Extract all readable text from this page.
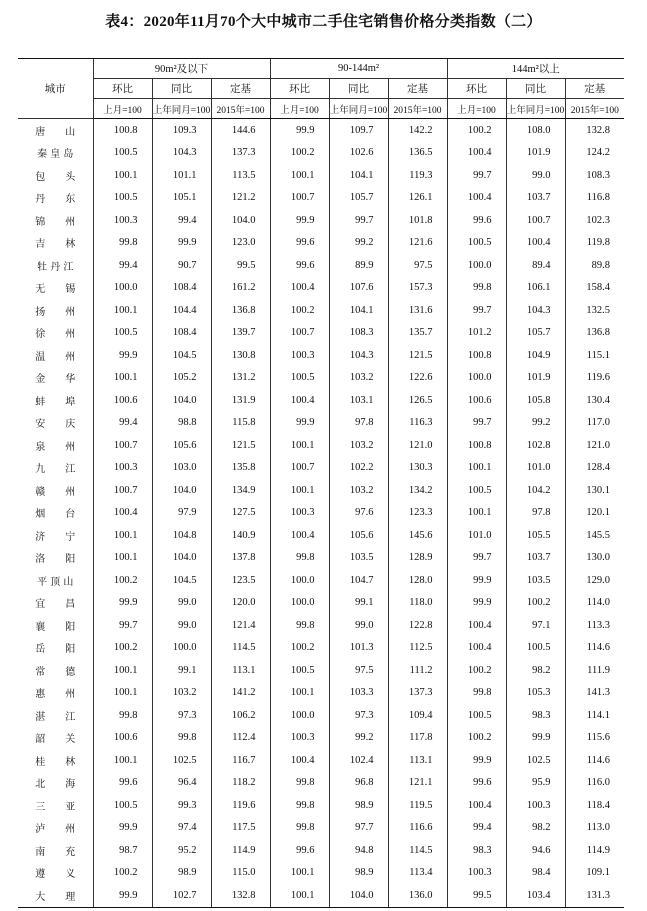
表4：2020年11月70个大中城市二手住宅销售价格分类指数（二）
城市	90m²及以下			90-144m²			144m²以上		
	环比	同比	定基	环比	同比	定基	环比	同比	定基
	上月=100	上年同月=100	2015年=100	上月=100	上年同月=100	2015年=100	上月=100	上年同月=100	2015年=100
唐　　山	100.8	109.3	144.6	99.9	109.7	142.2	100.2	108.0	132.8
秦 皇 岛	100.5	104.3	137.3	100.2	102.6	136.5	100.4	101.9	124.2
包　　头	100.1	101.1	113.5	100.1	104.1	119.3	99.7	99.0	108.3
丹　　东	100.5	105.1	121.2	100.7	105.7	126.1	100.4	103.7	116.8
锦　　州	100.3	99.4	104.0	99.9	99.7	101.8	99.6	100.7	102.3
吉　　林	99.8	99.9	123.0	99.6	99.2	121.6	100.5	100.4	119.8
牡 丹 江	99.4	90.7	99.5	99.6	89.9	97.5	100.0	89.4	89.8
无　　锡	100.0	108.4	161.2	100.4	107.6	157.3	99.8	106.1	158.4
扬　　州	100.1	104.4	136.8	100.2	104.1	131.6	99.7	104.3	132.5
徐　　州	100.5	108.4	139.7	100.7	108.3	135.7	101.2	105.7	136.8
温　　州	99.9	104.5	130.8	100.3	104.3	121.5	100.8	104.9	115.1
金　　华	100.1	105.2	131.2	100.5	103.2	122.6	100.0	101.9	119.6
蚌　　埠	100.6	104.0	131.9	100.4	103.1	126.5	100.6	105.8	130.4
安　　庆	99.4	98.8	115.8	99.9	97.8	116.3	99.7	99.2	117.0
泉　　州	100.7	105.6	121.5	100.1	103.2	121.0	100.8	102.8	121.0
九　　江	100.3	103.0	135.8	100.7	102.2	130.3	100.1	101.0	128.4
赣　　州	100.7	104.0	134.9	100.1	103.2	134.2	100.5	104.2	130.1
烟　　台	100.4	97.9	127.5	100.3	97.6	123.3	100.1	97.8	120.1
济　　宁	100.1	104.8	140.9	100.4	105.6	145.6	101.0	105.5	145.5
洛　　阳	100.1	104.0	137.8	99.8	103.5	128.9	99.7	103.7	130.0
平 顶 山	100.2	104.5	123.5	100.0	104.7	128.0	99.9	103.5	129.0
宜　　昌	99.9	99.0	120.0	100.0	99.1	118.0	99.9	100.2	114.0
襄　　阳	99.7	99.0	121.4	99.8	99.0	122.8	100.4	97.1	113.3
岳　　阳	100.2	100.0	114.5	100.2	101.3	112.5	100.4	100.5	114.6
常　　德	100.1	99.1	113.1	100.5	97.5	111.2	100.2	98.2	111.9
惠　　州	100.1	103.2	141.2	100.1	103.3	137.3	99.8	105.3	141.3
湛　　江	99.8	97.3	106.2	100.0	97.3	109.4	100.5	98.3	114.1
韶　　关	100.6	99.8	112.4	100.3	99.2	117.8	100.2	99.9	115.6
桂　　林	100.1	102.5	116.7	100.4	102.4	113.1	99.9	102.5	114.6
北　　海	99.6	96.4	118.2	99.8	96.8	121.1	99.6	95.9	116.0
三　　亚	100.5	99.3	119.6	99.8	98.9	119.5	100.4	100.3	118.4
泸　　州	99.9	97.4	117.5	99.8	97.7	116.6	99.4	98.2	113.0
南　　充	98.7	95.2	114.9	99.6	94.8	114.5	98.3	94.6	114.9
遵　　义	100.2	98.9	115.0	100.1	98.9	113.4	100.3	98.4	109.1
大　　理	99.9	102.7	132.8	100.1	104.0	136.0	99.5	103.4	131.3
